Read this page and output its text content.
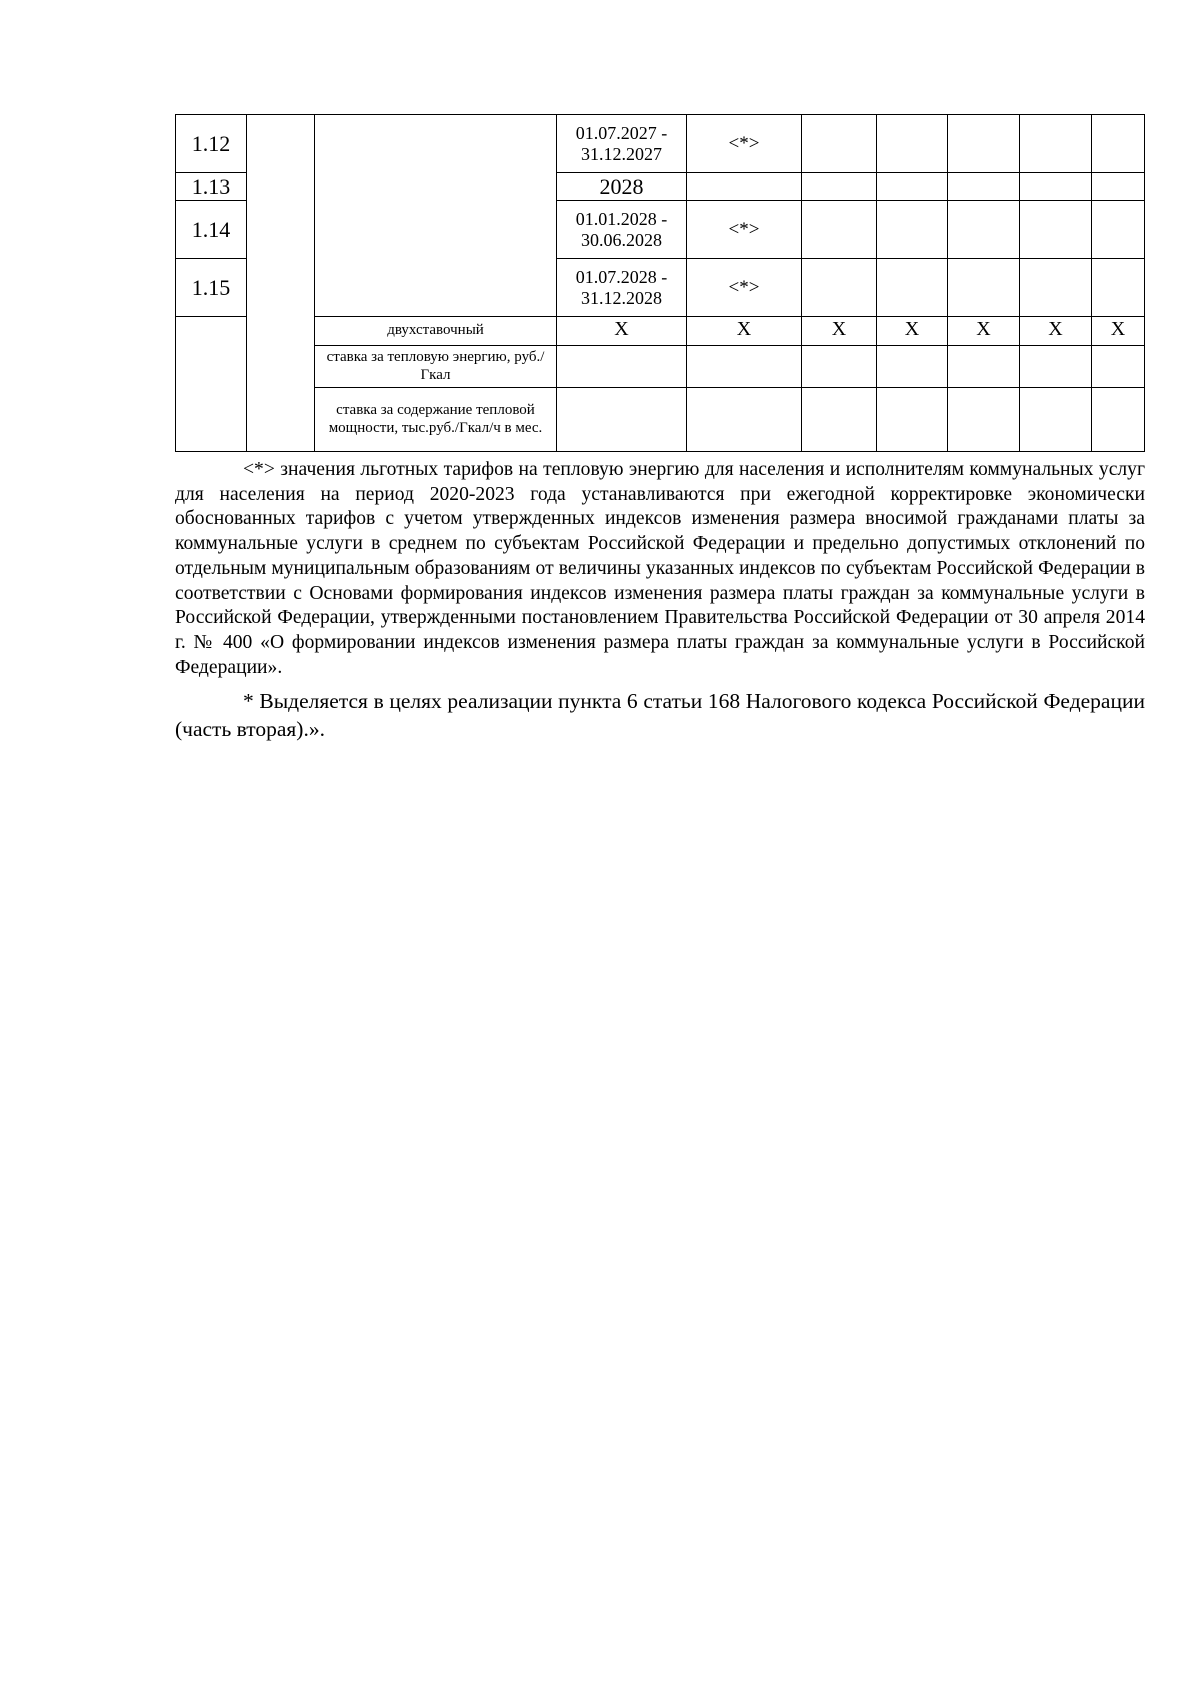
1.12			01.07.2027 - 31.12.2027	<*>					
1.13			2028						
1.14			01.01.2028 - 30.06.2028	<*>					
1.15			01.07.2028 - 31.12.2028	<*>					
		двухставочный	X	X	X	X	X	X	X
		ставка за тепловую энергию, руб./Гкал							
		ставка за содержание тепловой мощности, тыс.руб./Гкал/ч в мес.							

<*> значения льготных тарифов на тепловую энергию для населения и исполнителям коммунальных услуг для населения на период 2020-2023 года устанавливаются при ежегодной корректировке экономически обоснованных тарифов с учетом утвержденных индексов изменения размера вносимой гражданами платы за коммунальные услуги в среднем по субъектам Российской Федерации и предельно допустимых отклонений по отдельным муниципальным образованиям от величины указанных индексов по субъектам Российской Федерации в соответствии с Основами формирования индексов изменения размера платы граждан за коммунальные услуги в Российской Федерации, утвержденными постановлением Правительства Российской Федерации от 30 апреля 2014 г. № 400 «О формировании индексов изменения размера платы граждан за коммунальные услуги в Российской Федерации».

* Выделяется в целях реализации пункта 6 статьи 168 Налогового кодекса Российской Федерации (часть вторая).».
